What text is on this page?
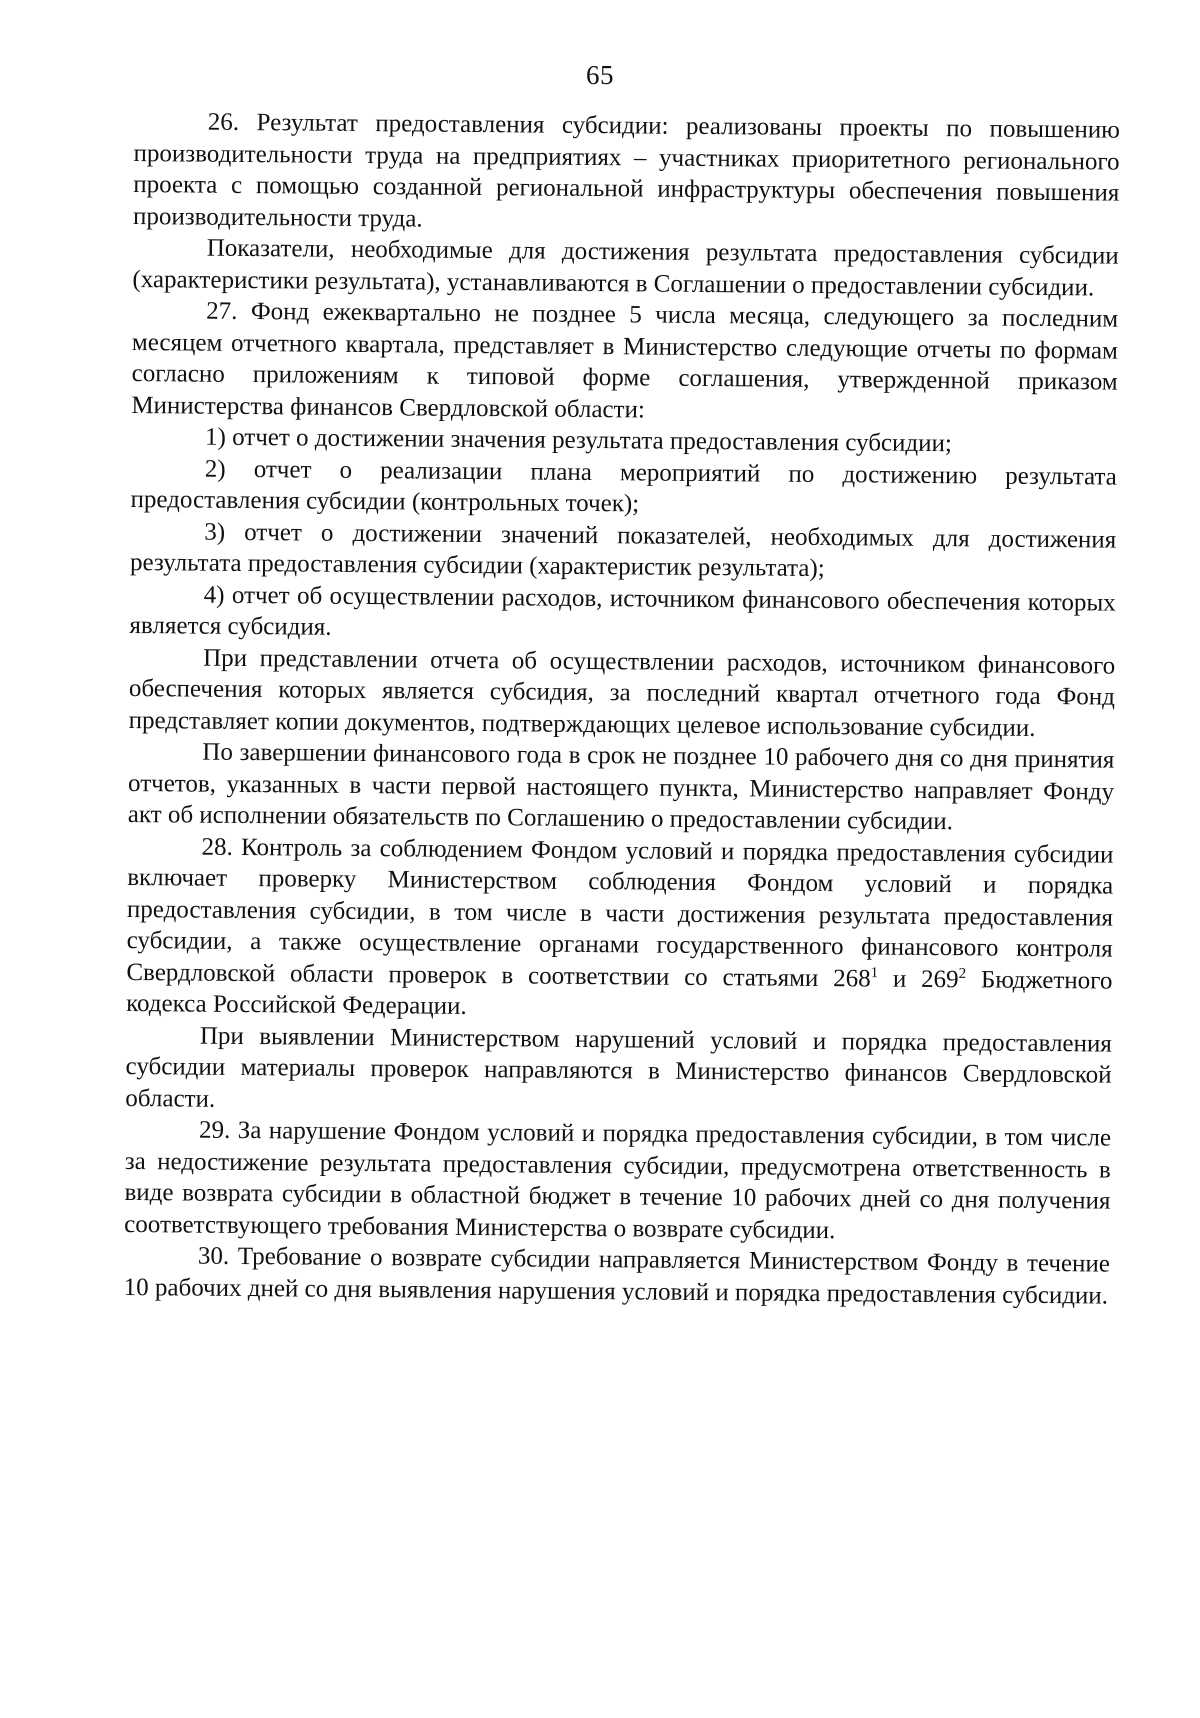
65

26. Результат предоставления субсидии: реализованы проекты по повышению производительности труда на предприятиях – участниках приоритетного регионального проекта с помощью созданной региональной инфраструктуры обеспечения повышения производительности труда.

Показатели, необходимые для достижения результата предоставления субсидии (характеристики результата), устанавливаются в Соглашении о предоставлении субсидии.

27. Фонд ежеквартально не позднее 5 числа месяца, следующего за последним месяцем отчетного квартала, представляет в Министерство следующие отчеты по формам согласно приложениям к типовой форме соглашения, утвержденной приказом Министерства финансов Свердловской области:

1) отчет о достижении значения результата предоставления субсидии;

2) отчет о реализации плана мероприятий по достижению результата предоставления субсидии (контрольных точек);

3) отчет о достижении значений показателей, необходимых для достижения результата предоставления субсидии (характеристик результата);

4) отчет об осуществлении расходов, источником финансового обеспечения которых является субсидия.

При представлении отчета об осуществлении расходов, источником финансового обеспечения которых является субсидия, за последний квартал отчетного года Фонд представляет копии документов, подтверждающих целевое использование субсидии.

По завершении финансового года в срок не позднее 10 рабочего дня со дня принятия отчетов, указанных в части первой настоящего пункта, Министерство направляет Фонду акт об исполнении обязательств по Соглашению о предоставлении субсидии.

28. Контроль за соблюдением Фондом условий и порядка предоставления субсидии включает проверку Министерством соблюдения Фондом условий и порядка предоставления субсидии, в том числе в части достижения результата предоставления субсидии, а также осуществление органами государственного финансового контроля Свердловской области проверок в соответствии со статьями $268^1$ и $269^2$ Бюджетного кодекса Российской Федерации.

При выявлении Министерством нарушений условий и порядка предоставления субсидии материалы проверок направляются в Министерство финансов Свердловской области.

29. За нарушение Фондом условий и порядка предоставления субсидии, в том числе за недостижение результата предоставления субсидии, предусмотрена ответственность в виде возврата субсидии в областной бюджет в течение 10 рабочих дней со дня получения соответствующего требования Министерства о возврате субсидии.

30. Требование о возврате субсидии направляется Министерством Фонду в течение 10 рабочих дней со дня выявления нарушения условий и порядка предоставления субсидии.
